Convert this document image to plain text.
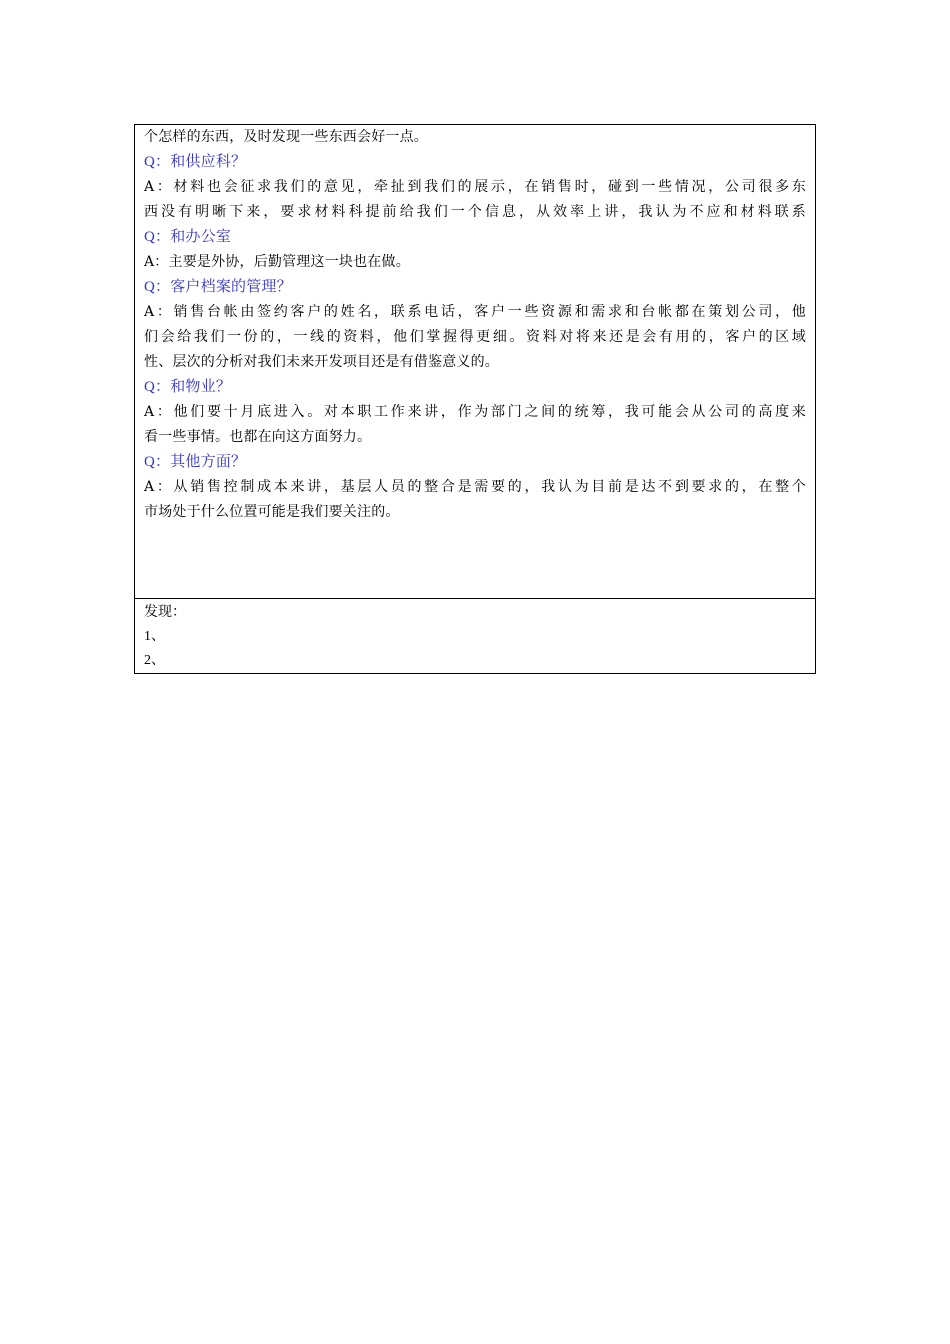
个怎样的东西，及时发现一些东西会好一点。
Q：和供应科？
A：材料也会征求我们的意见，牵扯到我们的展示，在销售时，碰到一些情况，公司很多东
西没有明晰下来，要求材料科提前给我们一个信息，从效率上讲，我认为不应和材料联系
Q：和办公室
A：主要是外协，后勤管理这一块也在做。
Q：客户档案的管理？
A：销售台帐由签约客户的姓名，联系电话，客户一些资源和需求和台帐都在策划公司，他
们会给我们一份的，一线的资料，他们掌握得更细。资料对将来还是会有用的，客户的区域
性、层次的分析对我们未来开发项目还是有借鉴意义的。
Q：和物业？
A：他们要十月底进入。对本职工作来讲，作为部门之间的统筹，我可能会从公司的高度来
看一些事情。也都在向这方面努力。
Q：其他方面？
A：从销售控制成本来讲，基层人员的整合是需要的，我认为目前是达不到要求的，在整个
市场处于什么位置可能是我们要关注的。
发现：
1、
2、
